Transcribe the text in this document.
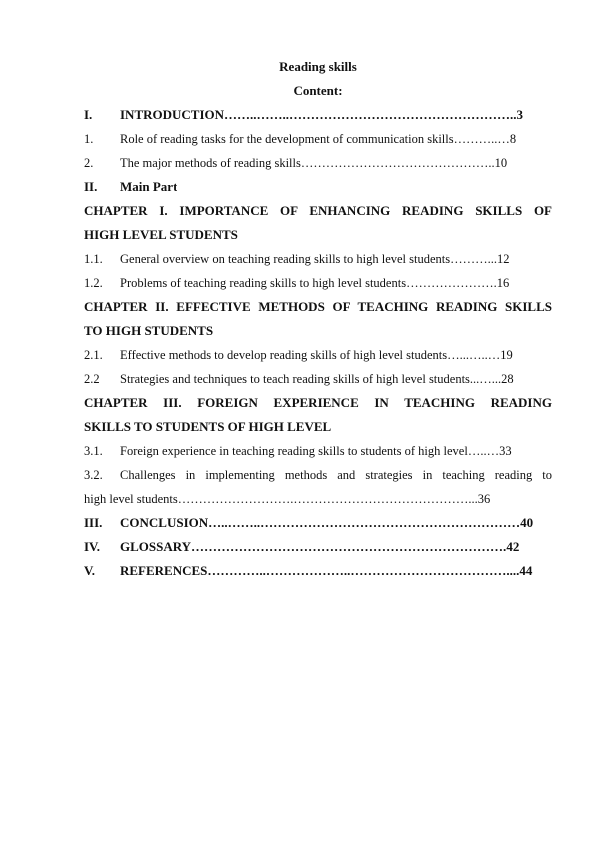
Reading skills
Content:
I.	INTRODUCTION……..……..…………………………………………….. 3
1.	Role of reading tasks for the development of communication skills………..… 8
2.	The major methods of reading skills……………………………………….. 10
II.	Main Part
CHAPTER I. IMPORTANCE OF ENHANCING READING SKILLS OF
HIGH LEVEL STUDENTS
1.1.	General overview on teaching reading skills to high level students………... 12
1.2.	Problems of teaching reading skills to high level students…………………. 16
CHAPTER II. EFFECTIVE METHODS OF TEACHING READING SKILLS
TO HIGH STUDENTS
2.1.	Effective methods to develop reading skills of high level students…...…..… 19
2.2	Strategies and techniques to teach reading skills of high level students...…... 28
CHAPTER III. FOREIGN EXPERIENCE IN TEACHING READING
SKILLS TO STUDENTS OF HIGH LEVEL
3.1.	Foreign experience in teaching reading skills to students of high level…..… 33
3.2.	Challenges in implementing methods and strategies in teaching reading to
high level students……………………….……………………………………...36
III.	CONCLUSION…..……..…………………………………………………… 40
IV.	GLOSSARY………………………………………………………………. 42
V.	REFERENCES…………..………………..……………………………….... 44
